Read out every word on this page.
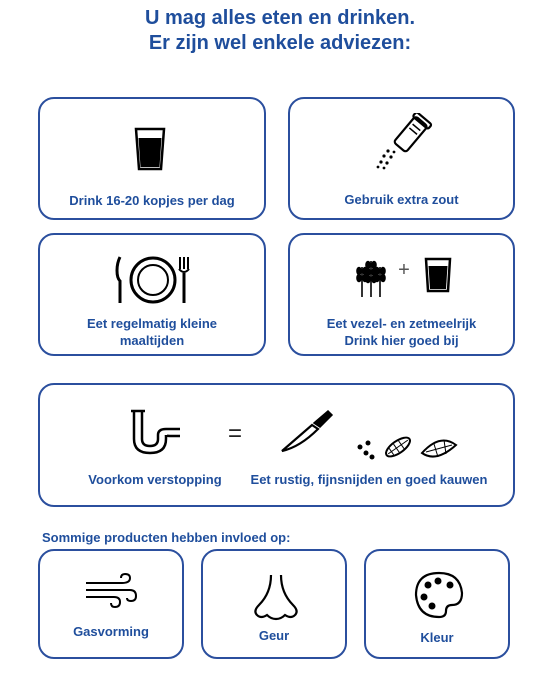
U mag alles eten en drinken.
Er zijn wel enkele adviezen:
Drink 16-20 kopjes per dag	Gebruik extra zout
Eet regelmatig kleine
maaltijden
+
Eet vezel- en zetmeelrijk
Drink hier goed bij
=
Voorkom verstopping	Eet rustig, fijnsnijden en goed kauwen
Sommige producten hebben invloed op:
Gasvorming	Geur	Kleur
